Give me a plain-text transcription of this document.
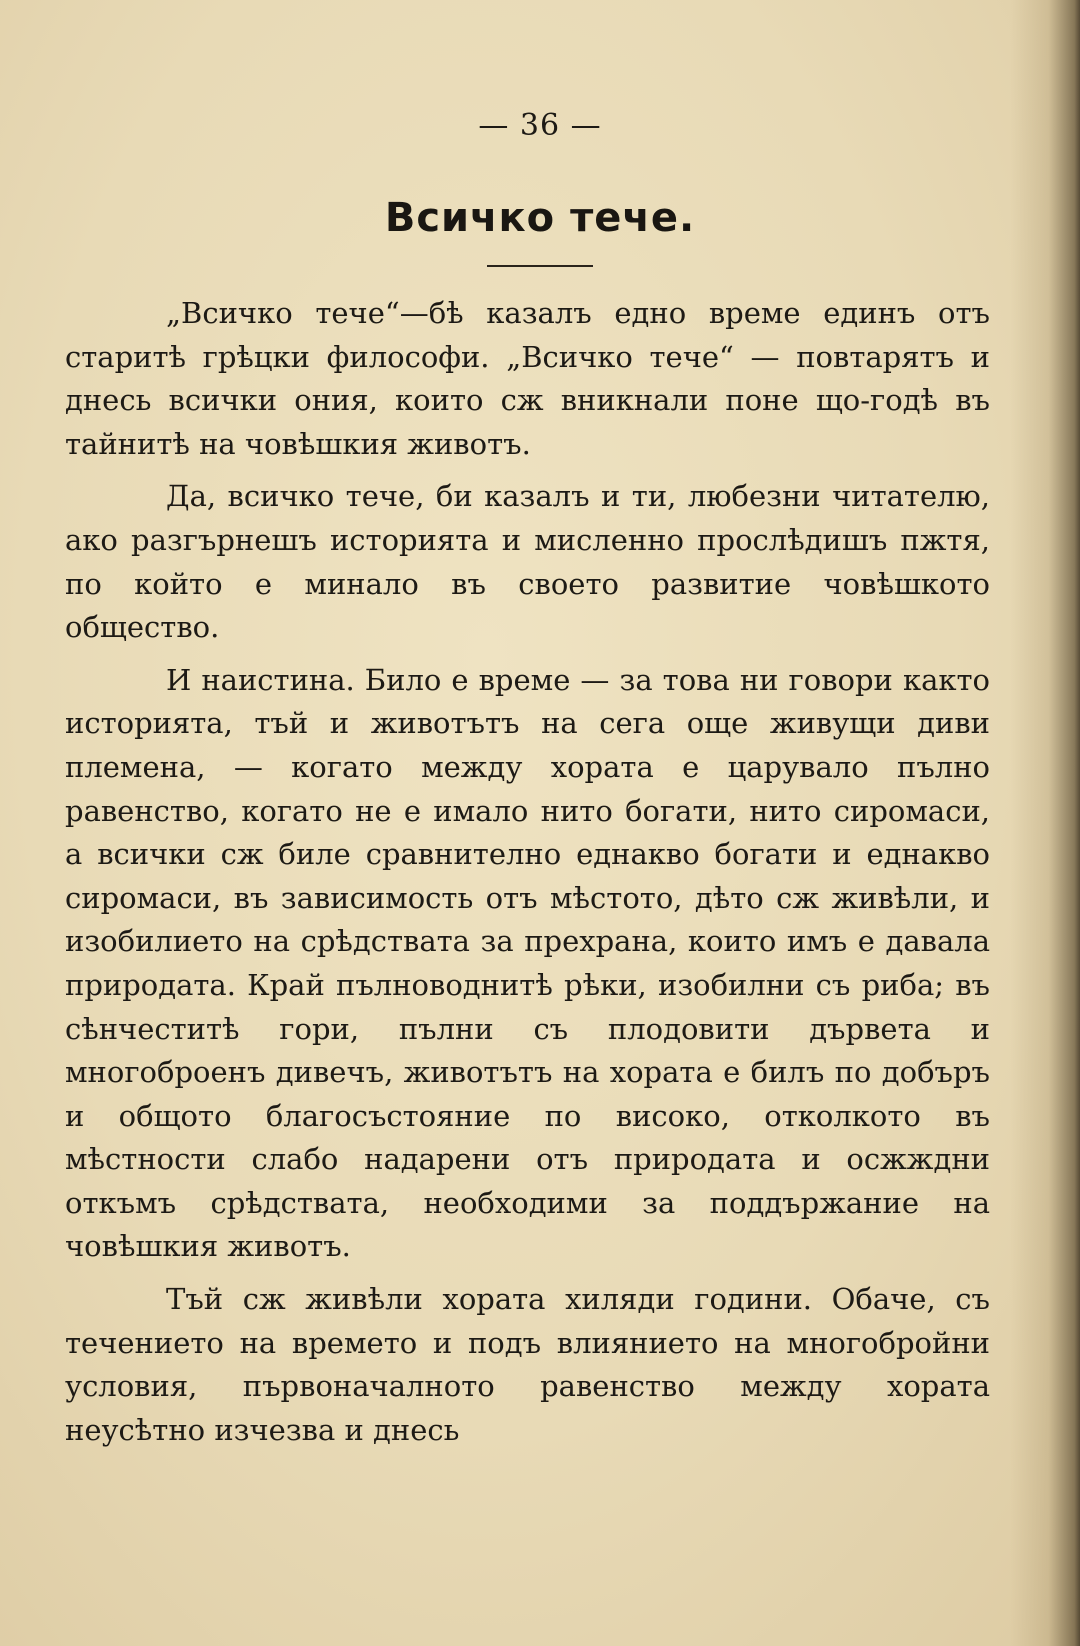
— 36 —
Всичко тече.

„Всичко тече“—бѣ казалъ едно време единъ отъ старитѣ грѣцки философи. „Всичко тече“ — повтарятъ и днесь всички ония, които сж вникнали поне що-годѣ въ тайнитѣ на човѣшкия животъ.

Да, всичко тече, би казалъ и ти, любезни читателю, ако разгърнешъ историята и мисленно прослѣдишъ пжтя, по който е минало въ своето развитие човѣшкото общество.

И наистина. Било е време — за това ни говори както историята, тъй и животътъ на сега още живущи диви племена, — когато между хората е царувало пълно равенство, когато не е имало нито богати, нито сиромаси, а всички сж биле сравнително еднакво богати и еднакво сиромаси, въ зависимость отъ мѣстото, дѣто сж живѣли, и изобилието на срѣдствата за прехрана, които имъ е давала природата. Край пълноводнитѣ рѣки, изобилни съ риба; въ сѣнчеститѣ гори, пълни съ плодовити дървета и многоброенъ дивечъ, животътъ на хората е билъ по добъръ и общото благосъстояние по високо, отколкото въ мѣстности слабо надарени отъ природата и осжждни откъмъ срѣдствата, необходими за поддържание на човѣшкия животъ.

Тъй сж живѣли хората хиляди години. Обаче, съ течението на времето и подъ влиянието на многобройни условия, първоначалното равенство между хората неусѣтно изчезва и днесь
